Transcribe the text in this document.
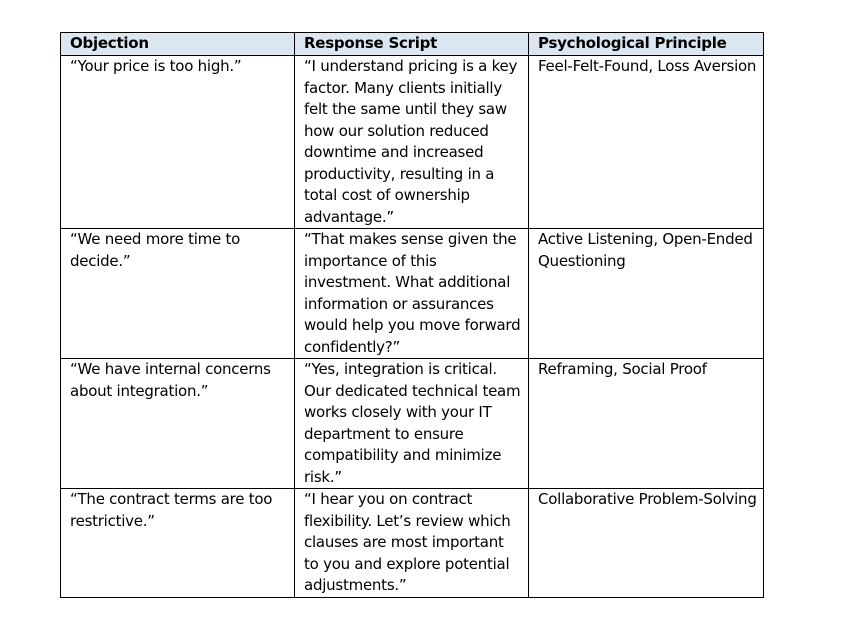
Objection	Response Script	Psychological Principle
“Your price is too high.”	“I understand pricing is a key factor. Many clients initially felt the same until they saw how our solution reduced downtime and increased productivity, resulting in a total cost of ownership advantage.”	Feel-Felt-Found, Loss Aversion
“We need more time to decide.”	“That makes sense given the importance of this investment. What additional information or assurances would help you move forward confidently?”	Active Listening, Open-Ended Questioning
“We have internal concerns about integration.”	“Yes, integration is critical. Our dedicated technical team works closely with your IT department to ensure compatibility and minimize risk.”	Reframing, Social Proof
“The contract terms are too restrictive.”	“I hear you on contract flexibility. Let’s review which clauses are most important to you and explore potential adjustments.”	Collaborative Problem-Solving
